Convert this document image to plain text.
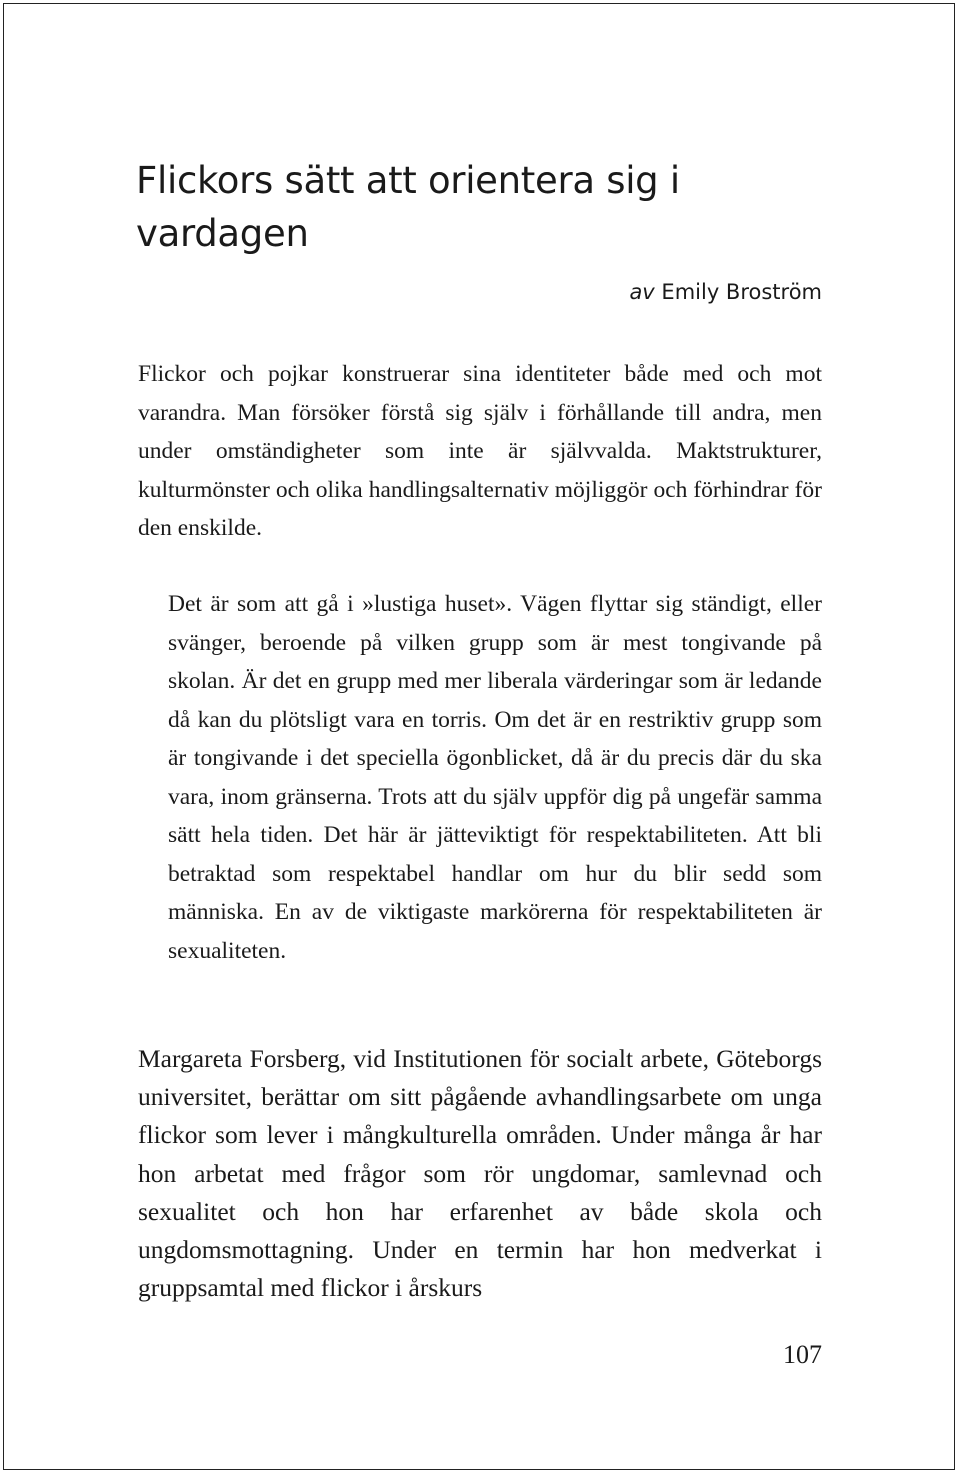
Flickors sätt att orientera sig i vardagen

av Emily Broström

Flickor och pojkar konstruerar sina identiteter både med och mot varandra. Man försöker förstå sig själv i förhållande till andra, men under omständigheter som inte är självvalda. Maktstrukturer, kulturmönster och olika handlingsalternativ möjliggör och förhindrar för den enskilde.

Det är som att gå i »lustiga huset». Vägen flyttar sig ständigt, eller svänger, beroende på vilken grupp som är mest tongivande på skolan. Är det en grupp med mer liberala värderingar som är ledande då kan du plötsligt vara en torris. Om det är en restriktiv grupp som är tongivande i det speciella ögonblicket, då är du precis där du ska vara, inom gränserna. Trots att du själv uppför dig på ungefär samma sätt hela tiden. Det här är jätteviktigt för respektabiliteten. Att bli betraktad som respektabel handlar om hur du blir sedd som människa. En av de viktigaste markörerna för respektabiliteten är sexualiteten.

Margareta Forsberg, vid Institutionen för socialt arbete, Göteborgs universitet, berättar om sitt pågående avhandlingsarbete om unga flickor som lever i mångkulturella områden. Under många år har hon arbetat med frågor som rör ungdomar, samlevnad och sexualitet och hon har erfarenhet av både skola och ungdomsmottagning. Under en termin har hon medverkat i gruppsamtal med flickor i årskurs

107
